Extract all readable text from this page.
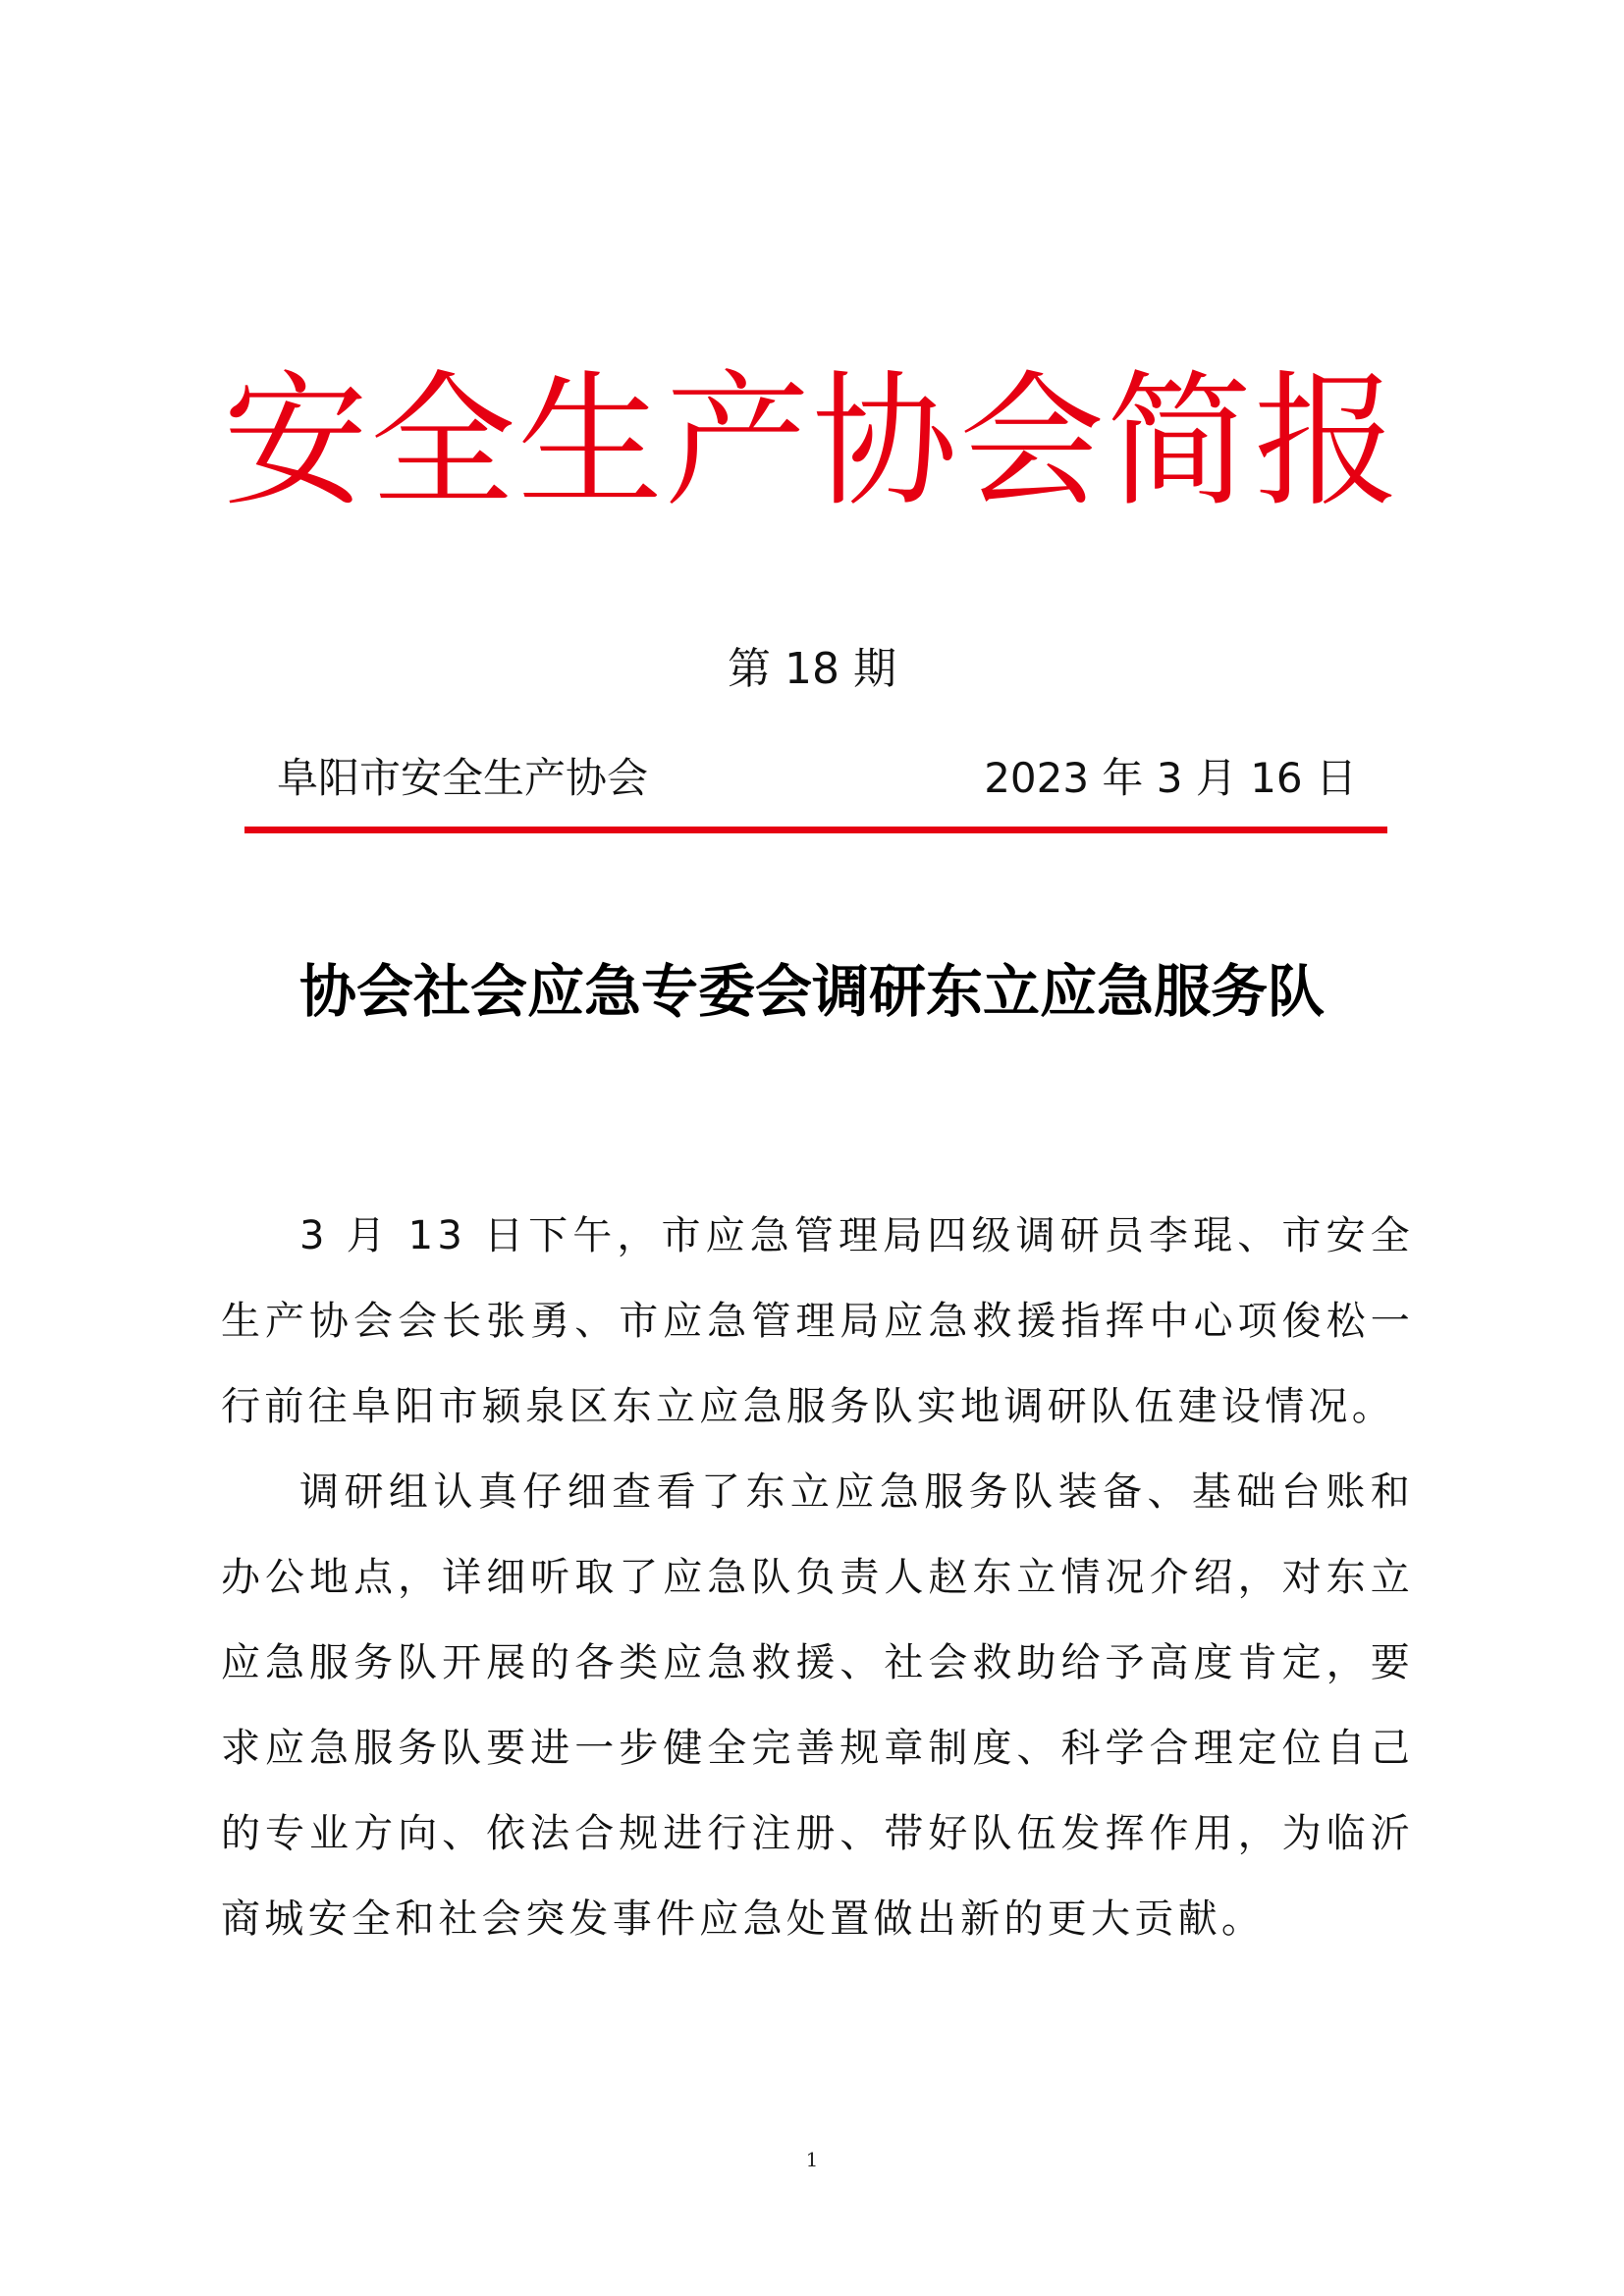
安全生产协会简报
第 18 期
阜阳市安全生产协会	2023 年 3 月 16 日
协会社会应急专委会调研东立应急服务队

3 月 13 日下午，市应急管理局四级调研员李琨、市安全生产协会会长张勇、市应急管理局应急救援指挥中心项俊松一行前往阜阳市颍泉区东立应急服务队实地调研队伍建设情况。

调研组认真仔细查看了东立应急服务队装备、基础台账和办公地点，详细听取了应急队负责人赵东立情况介绍，对东立应急服务队开展的各类应急救援、社会救助给予高度肯定，要求应急服务队要进一步健全完善规章制度、科学合理定位自己的专业方向、依法合规进行注册、带好队伍发挥作用，为临沂商城安全和社会突发事件应急处置做出新的更大贡献。

1
